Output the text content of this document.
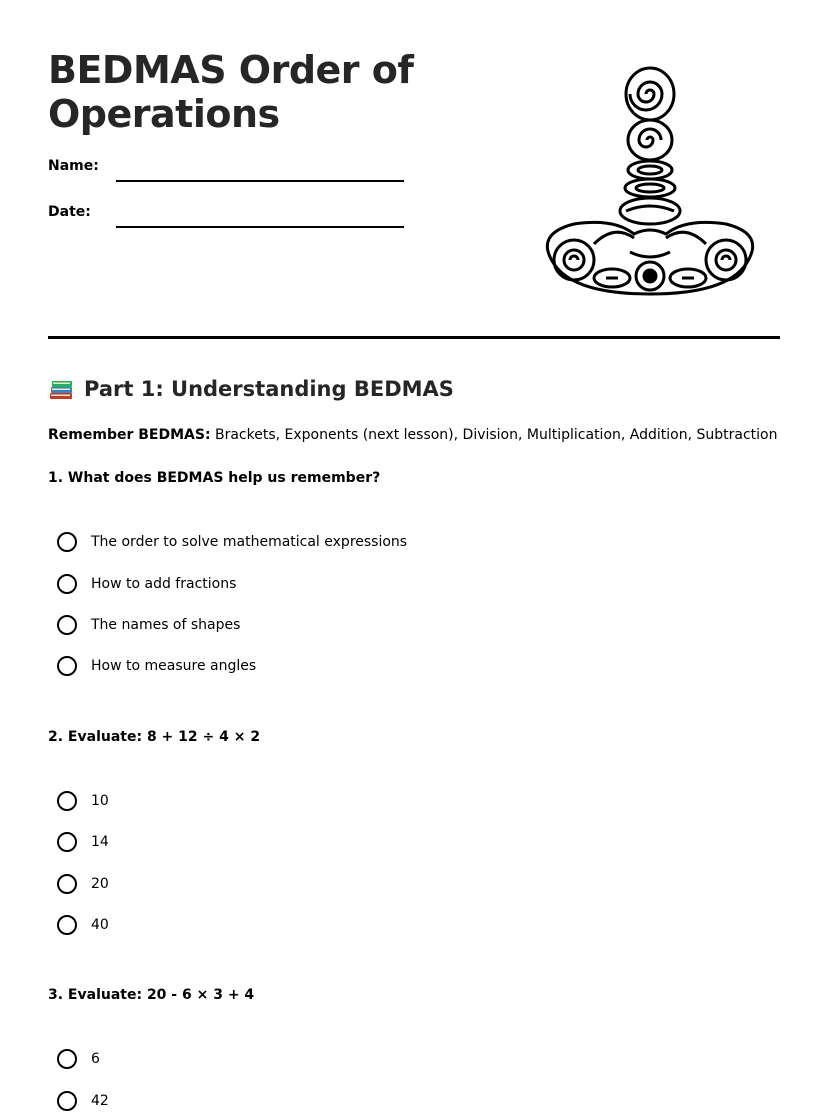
BEDMAS Order of
Operations
Name:
Date:
Part 1: Understanding BEDMAS
Remember BEDMAS: Brackets, Exponents (next lesson), Division, Multiplication, Addition, Subtraction

1. What does BEDMAS help us remember?

The order to solve mathematical expressions
How to add fractions
The names of shapes
How to measure angles

2. Evaluate: 8 + 12 ÷ 4 × 2

10
14
20
40

3. Evaluate: 20 - 6 × 3 + 4

6
42
